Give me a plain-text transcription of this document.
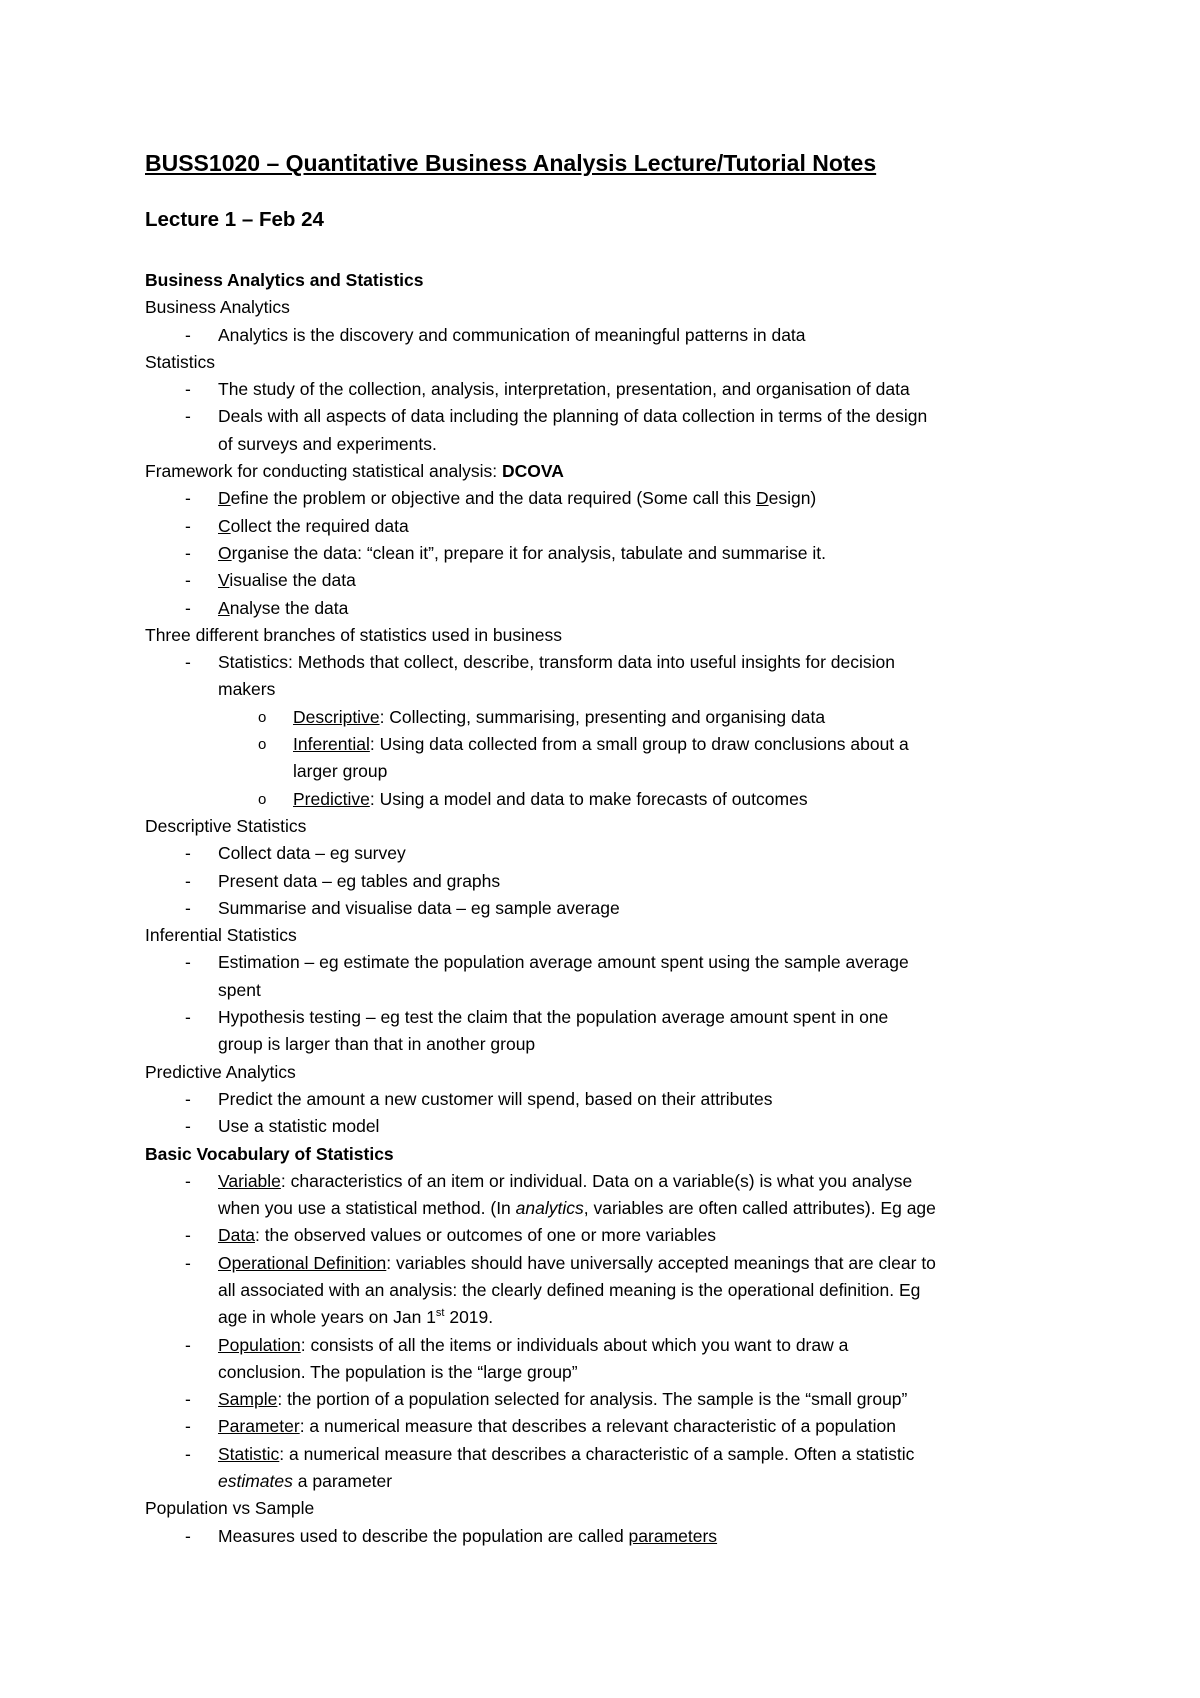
BUSS1020 – Quantitative Business Analysis Lecture/Tutorial Notes
Lecture 1 – Feb 24
Business Analytics and Statistics
Business Analytics
-	Analytics is the discovery and communication of meaningful patterns in data
Statistics
-	The study of the collection, analysis, interpretation, presentation, and organisation of data
-	Deals with all aspects of data including the planning of data collection in terms of the design
of surveys and experiments.
Framework for conducting statistical analysis: DCOVA
-	Define the problem or objective and the data required (Some call this Design)
-	Collect the required data
-	Organise the data: “clean it”, prepare it for analysis, tabulate and summarise it.
-	Visualise the data
-	Analyse the data
Three different branches of statistics used in business
-	Statistics: Methods that collect, describe, transform data into useful insights for decision
makers
o	Descriptive: Collecting, summarising, presenting and organising data
o	Inferential: Using data collected from a small group to draw conclusions about a
larger group
o	Predictive: Using a model and data to make forecasts of outcomes
Descriptive Statistics
-	Collect data – eg survey
-	Present data – eg tables and graphs
-	Summarise and visualise data – eg sample average
Inferential Statistics
-	Estimation – eg estimate the population average amount spent using the sample average
spent
-	Hypothesis testing – eg test the claim that the population average amount spent in one
group is larger than that in another group
Predictive Analytics
-	Predict the amount a new customer will spend, based on their attributes
-	Use a statistic model
Basic Vocabulary of Statistics
-	Variable: characteristics of an item or individual. Data on a variable(s) is what you analyse
when you use a statistical method. (In analytics, variables are often called attributes). Eg age
-	Data: the observed values or outcomes of one or more variables
-	Operational Definition: variables should have universally accepted meanings that are clear to
all associated with an analysis: the clearly defined meaning is the operational definition. Eg
age in whole years on Jan 1st 2019.
-	Population: consists of all the items or individuals about which you want to draw a
conclusion. The population is the “large group”
-	Sample: the portion of a population selected for analysis. The sample is the “small group”
-	Parameter: a numerical measure that describes a relevant characteristic of a population
-	Statistic: a numerical measure that describes a characteristic of a sample. Often a statistic
estimates a parameter
Population vs Sample
-	Measures used to describe the population are called parameters
